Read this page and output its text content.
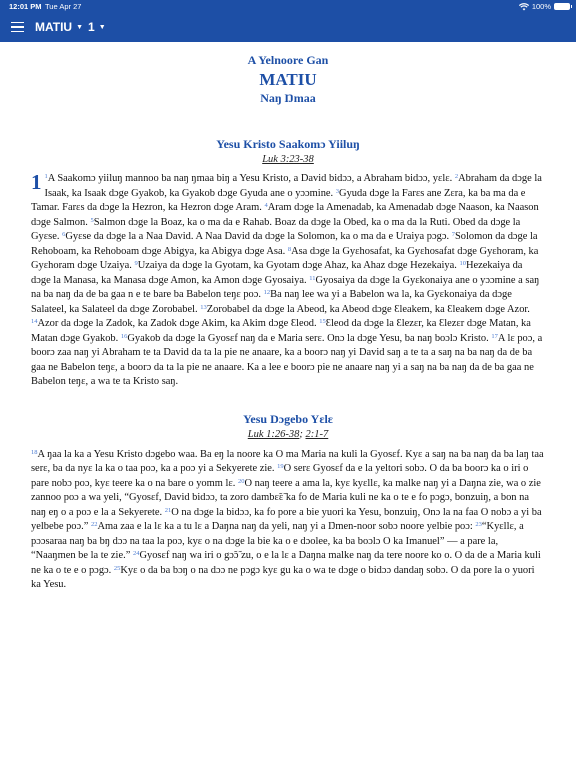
12:01 PM Tue Apr 27	100%
MATIU ▼ 1 ▼
A Yelnoore Gan
MATIU
Naŋ Ŋmaa
Yesu Kristo Saakomɔ Yiiluŋ
Luk 3:23-38
1 $^1$A Saakomɔ yiiluŋ mannoo ba naŋ ŋmaa biŋ a Yesu Kristo, a David bidɔɔ, a Abraham bidɔɔ, yɛlɛ. $^2$Abraham da dɔge la Isaak, ka Isaak dɔge Gyakob, ka Gyakob dɔge Gyuda ane o yɔɔmine. $^3$Gyuda dɔge la Farɛs ane Zɛra, ka ba ma da e Tamar. Farɛs da dɔge la Hezron, ka Hezron dɔge Aram. $^4$Aram dɔge la Amenadab, ka Amenadab dɔge Naason, ka Naason dɔge Salmon. $^5$Salmon dɔge la Boaz, ka o ma da e Rahab. Boaz da dɔge la Obed, ka o ma da la Ruti. Obed da dɔge la Gyɛse. $^6$Gyɛse da dɔge la a Naa David. A Naa David da dɔge la Solomon, ka o ma da e Uraiya pɔgɔ. $^7$Solomon da dɔge la Rehoboam, ka Rehoboam dɔge Abigya, ka Abigya dɔge Asa. $^8$Asa dɔge la Gyɛhosafat, ka Gyɛhosafat dɔge Gyɛhoram, ka Gyɛhoram dɔge Uzaiya. $^9$Uzaiya da dɔge la Gyotam, ka Gyotam dɔge Ahaz, ka Ahaz dɔge Hezekaiya. $^{10}$Hezekaiya da dɔge la Manasa, ka Manasa dɔge Amon, ka Amon dɔge Gyosaiya. $^{11}$Gyosaiya da dɔge la Gyɛkonaiya ane o yɔɔmine a saŋ na ba naŋ da de ba gaa n e te bare ba Babelon teŋɛ poɔ. $^{12}$Ba naŋ lee wa yi a Babelon wa la, ka Gyɛkonaiya da dɔge Salateel, ka Salateel da dɔge Zorobabel. $^{13}$Zorobabel da dɔge la Abeod, ka Abeod dɔge Ɛleakem, ka Ɛleakem dɔge Azor. $^{14}$Azor da dɔge la Zadok, ka Zadok dɔge Akim, ka Akim dɔge Ɛleod. $^{15}$Ɛleod da dɔge la Ɛlezɛr, ka Ɛlezɛr dɔge Matan, ka Matan dɔge Gyakob. $^{16}$Gyakob da dɔge la Gyosɛf naŋ da e Maria serɛ. Onɔ la dɔge Yesu, ba naŋ boɔlɔ Kristo. $^{17}$A lɛ poɔ, a boorɔ zaa naŋ yi Abraham te ta David da ta la pie ne anaare, ka a boorɔ naŋ yi David saŋ a te ta a saŋ na ba naŋ da de ba gaa ne Babelon teŋɛ, a boorɔ da ta la pie ne anaare. Ka a lee e boorɔ pie ne anaare naŋ yi a saŋ na ba naŋ da de ba gaa ne Babelon teŋɛ, a wa te ta Kristo saŋ.
Yesu Dɔgebo Yɛlɛ
Luk 1:26-38; 2:1-7
$^{18}$A ŋaa la ka a Yesu Kristo dɔgebo waa. Ba eŋ la noore ka O ma Maria na kuli la Gyosɛf. Kyɛ a saŋ na ba naŋ da ba laŋ taa serɛ, ba da nyɛ la ka o taa poɔ, ka a poɔ yi a Sekyerete zie. $^{19}$O serɛ Gyosɛf da e la yeltori sobɔ. O da ba boorɔ ka o iri o pare nobɔ poɔ, kyɛ teere ka o na bare o yomm lɛ. $^{20}$O naŋ teere a ama la, kyɛ kyɛllɛ, ka malke naŋ yi a Daŋna zie, wa o zie zannoo poɔ a wa yeli, “Gyosɛf, David bidɔɔ, ta zoro dambɛ̃ɛ̃ ka fo de Maria kuli ne ka o te e fo pɔgɔ, bonzuiŋ, a bon na naŋ eŋ o a poɔ e la a Sekyerete. $^{21}$O na dɔge la bidɔɔ, ka fo pore a bie yuori ka Yesu, bonzuiŋ, Onɔ la na faa O nobɔ a yi ba yelbebe poɔ.” $^{22}$Ama zaa e la lɛ ka a tu lɛ a Daŋna naŋ da yeli, naŋ yi a Ŋmen-noor sobɔ noore yelbie poɔ: $^{23}$“Kyɛllɛ, a pɔɔsaraa naŋ ba bŋ dɔɔ na taa la poɔ, kyɛ o na dɔge la bie ka o e dɔolee, ka ba boɔlɔ O ka Imanuel” — a pare la, “Naaŋmen be la te zie.” $^{24}$Gyosɛf naŋ wa iri o gɔ̃ɔ̃ zu, o e la lɛ a Daŋna malke naŋ da tere noore ko o. O da de a Maria kuli ne ka o te e o pɔgɔ. $^{25}$Kyɛ o da ba bɔŋ o na dɔɔ ne pɔgɔ kyɛ gu ka o wa te dɔge o bidɔɔ dandaŋ sobɔ. O da pore la o yuori ka Yesu.
